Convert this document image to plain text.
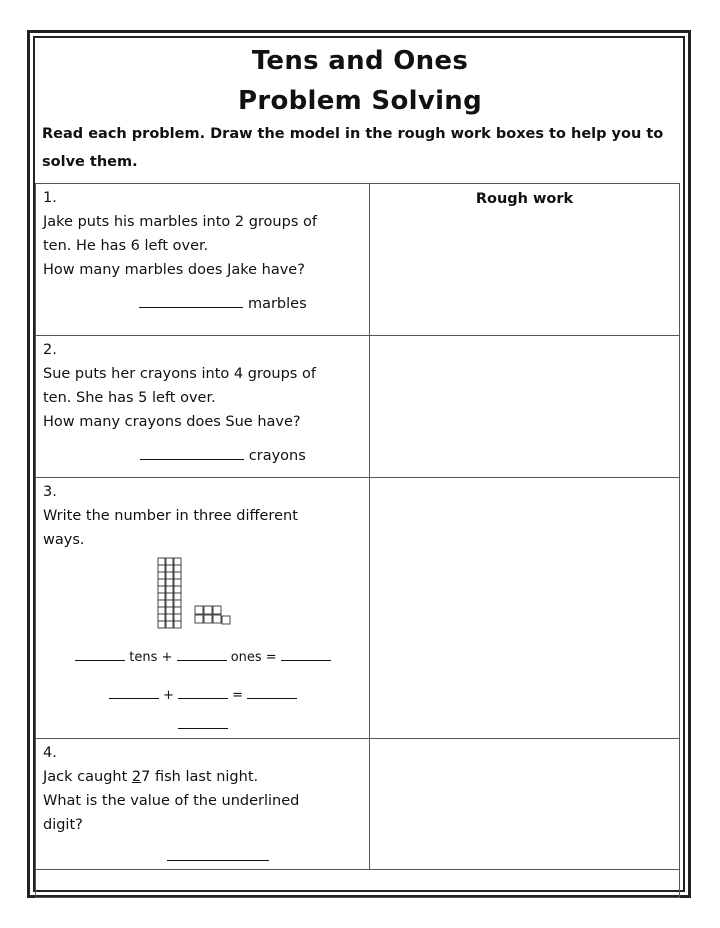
Tens and Ones
Problem Solving
Read each problem. Draw the model in the rough work boxes to help you to solve them.
1.
Jake puts his marbles into 2 groups of
ten. He has 6 left over.
How many marbles does Jake have?
marbles	Rough work

2.
Sue puts her crayons into 4 groups of
ten. She has 5 left over.
How many crayons does Sue have?
crayons	

3.
Write the number in three different
ways.
tens + ones =
+ =	

4.
Jack caught 27 fish last night.
What is the value of the underlined
digit?	
